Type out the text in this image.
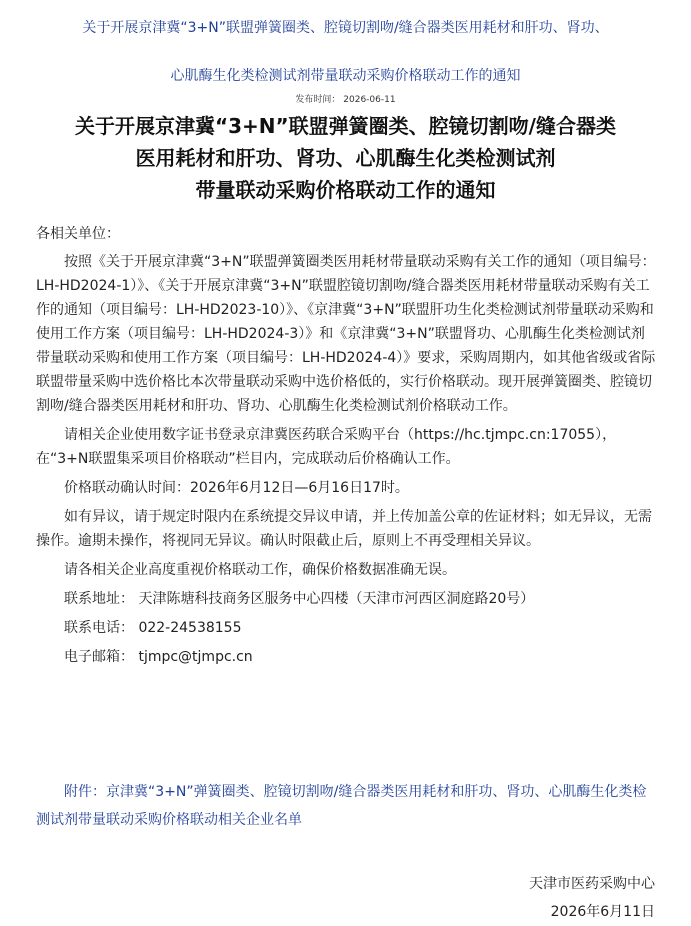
关于开展京津冀“3+N”联盟弹簧圈类、腔镜切割吻/缝合器类医用耗材和肝功、肾功、
心肌酶生化类检测试剂带量联动采购价格联动工作的通知
发布时间： 2026-06-11
关于开展京津冀“3+N”联盟弹簧圈类、腔镜切割吻/缝合器类
医用耗材和肝功、肾功、心肌酶生化类检测试剂
带量联动采购价格联动工作的通知

各相关单位：

按照《关于开展京津冀“3+N”联盟弹簧圈类医用耗材带量联动采购有关工作的通知（项目编号：LH-HD2024-1）》、《关于开展京津冀“3+N”联盟腔镜切割吻/缝合器类医用耗材带量联动采购有关工作的通知（项目编号：LH-HD2023-10）》、《京津冀“3+N”联盟肝功生化类检测试剂带量联动采购和使用工作方案（项目编号：LH-HD2024-3）》和《京津冀“3+N”联盟肾功、心肌酶生化类检测试剂带量联动采购和使用工作方案（项目编号：LH-HD2024-4）》要求，采购周期内，如其他省级或省际联盟带量采购中选价格比本次带量联动采购中选价格低的，实行价格联动。现开展弹簧圈类、腔镜切割吻/缝合器类医用耗材和肝功、肾功、心肌酶生化类检测试剂价格联动工作。

请相关企业使用数字证书登录京津冀医药联合采购平台（https://hc.tjmpc.cn:17055），在“3+N联盟集采项目价格联动”栏目内，完成联动后价格确认工作。

价格联动确认时间：2026年6月12日—6月16日17时。

如有异议，请于规定时限内在系统提交异议申请，并上传加盖公章的佐证材料；如无异议，无需操作。逾期未操作，将视同无异议。确认时限截止后，原则上不再受理相关异议。

请各相关企业高度重视价格联动工作，确保价格数据准确无误。

联系地址： 天津陈塘科技商务区服务中心四楼（天津市河西区洞庭路20号）

联系电话： 022-24538155

电子邮箱： tjmpc@tjmpc.cn

附件：京津冀“3+N”弹簧圈类、腔镜切割吻/缝合器类医用耗材和肝功、肾功、心肌酶生化类检测试剂带量联动采购价格联动相关企业名单
天津市医药采购中心
2026年6月11日
